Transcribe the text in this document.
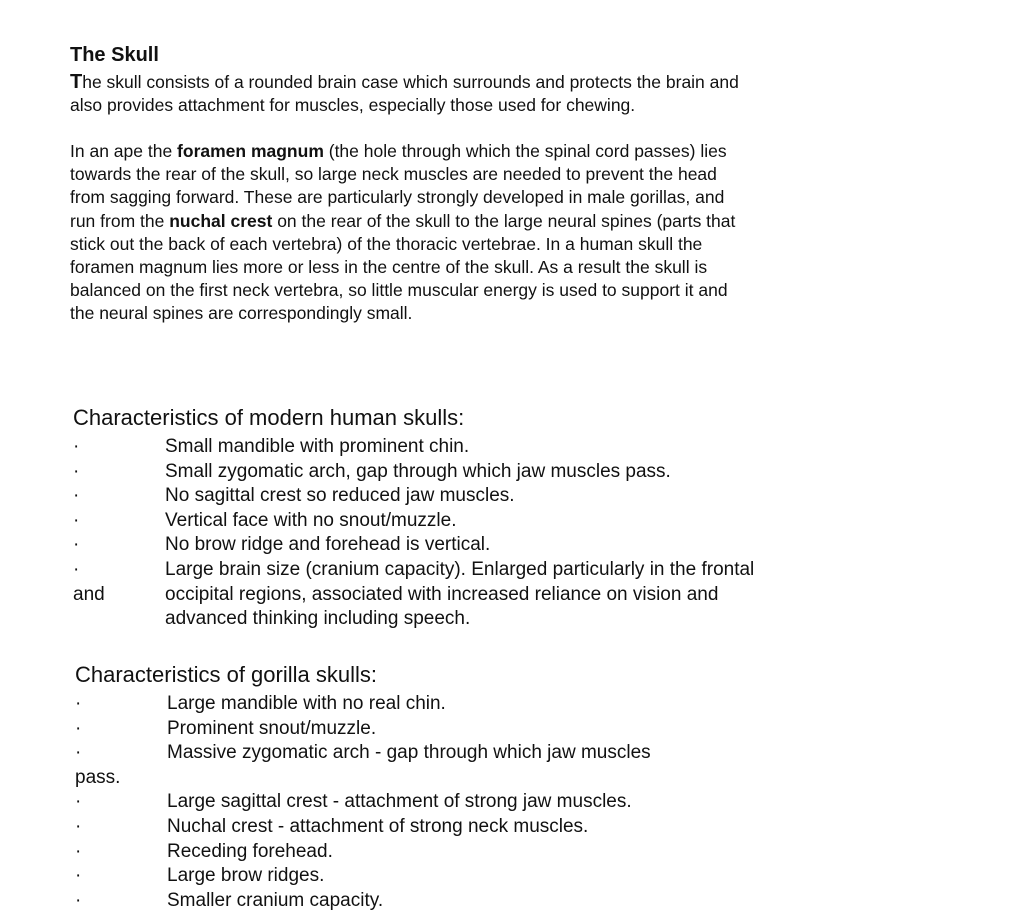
The Skull
The skull consists of a rounded brain case which surrounds and protects the brain and
also provides attachment for muscles, especially those used for chewing.
In an ape the foramen magnum (the hole through which the spinal cord passes) lies
towards the rear of the skull, so large neck muscles are needed to prevent the head
from sagging forward. These are particularly strongly developed in male gorillas, and
run from the nuchal crest on the rear of the skull to the large neural spines (parts that
stick out the back of each vertebra) of the thoracic vertebrae. In a human skull the
foramen magnum lies more or less in the centre of the skull. As a result the skull is
balanced on the first neck vertebra, so little muscular energy is used to support it and
the neural spines are correspondingly small.
Characteristics of modern human skulls:
·	Small mandible with prominent chin.
·	Small zygomatic arch, gap through which jaw muscles pass.
·	No sagittal crest so reduced jaw muscles.
·	Vertical face with no snout/muzzle.
·	No brow ridge and forehead is vertical.
·	Large brain size (cranium capacity). Enlarged particularly in the frontal
and	occipital regions, associated with increased reliance on vision and
advanced thinking including speech.
Characteristics of gorilla skulls:
·	Large mandible with no real chin.
·	Prominent snout/muzzle.
·	Massive zygomatic arch - gap through which jaw muscles
pass.
·	Large sagittal crest - attachment of strong jaw muscles.
·	Nuchal crest - attachment of strong neck muscles.
·	Receding forehead.
·	Large brow ridges.
·	Smaller cranium capacity.
